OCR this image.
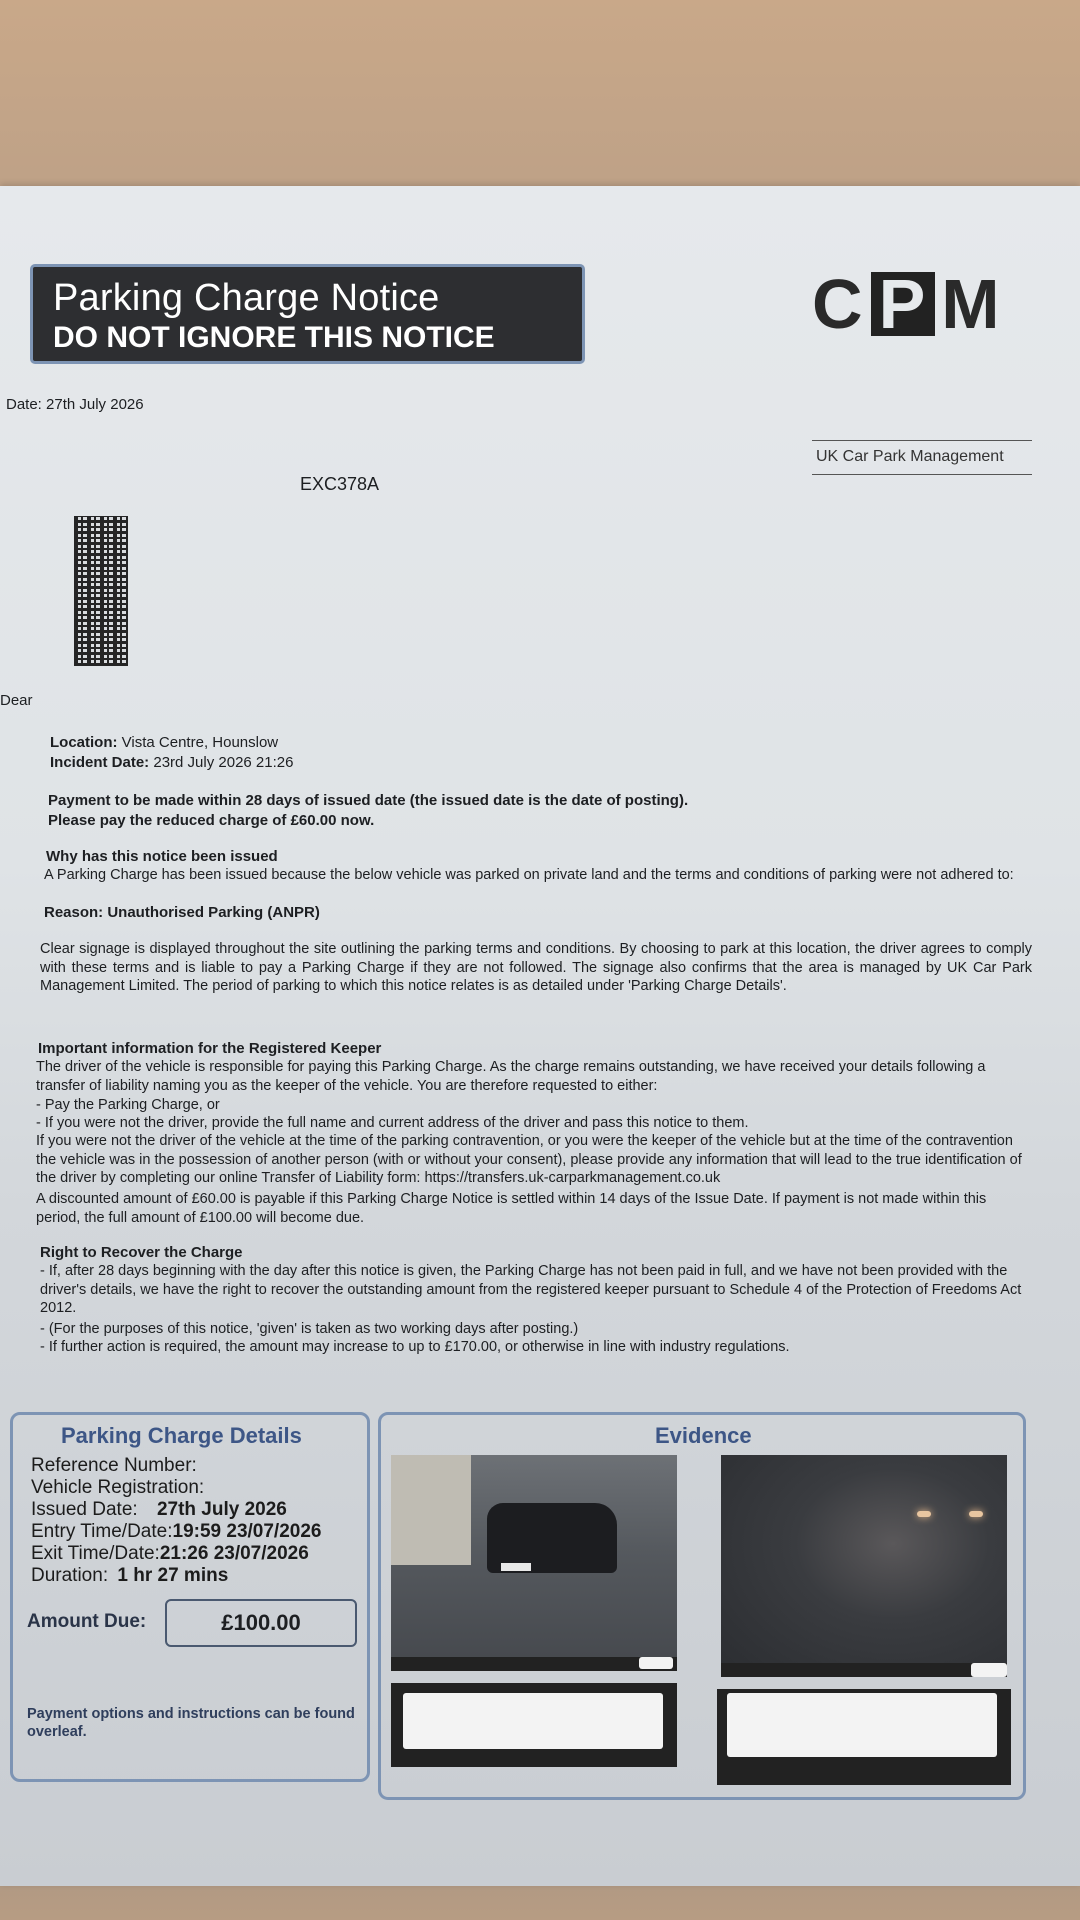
Parking Charge Notice
DO NOT IGNORE THIS NOTICE	C P M
UK Car Park Management
Date: 27th July 2026
EXC378A
Dear
Location: Vista Centre, Hounslow
Incident Date: 23rd July 2026 21:26
Payment to be made within 28 days of issued date (the issued date is the date of posting).
Please pay the reduced charge of £60.00 now.
Why has this notice been issued
A Parking Charge has been issued because the below vehicle was parked on private land and the terms and conditions of parking were not adhered to:
Reason: Unauthorised Parking (ANPR)
Clear signage is displayed throughout the site outlining the parking terms and conditions. By choosing to park at this location, the driver agrees to comply with these terms and is liable to pay a Parking Charge if they are not followed. The signage also confirms that the area is managed by UK Car Park Management Limited. The period of parking to which this notice relates is as detailed under 'Parking Charge Details'.
Important information for the Registered Keeper
The driver of the vehicle is responsible for paying this Parking Charge. As the charge remains outstanding, we have received your details following a transfer of liability naming you as the keeper of the vehicle. You are therefore requested to either:
- Pay the Parking Charge, or
- If you were not the driver, provide the full name and current address of the driver and pass this notice to them.
If you were not the driver of the vehicle at the time of the parking contravention, or you were the keeper of the vehicle but at the time of the contravention the vehicle was in the possession of another person (with or without your consent), please provide any information that will lead to the true identification of the driver by completing our online Transfer of Liability form: https://transfers.uk-carparkmanagement.co.uk
A discounted amount of £60.00 is payable if this Parking Charge Notice is settled within 14 days of the Issue Date. If payment is not made within this period, the full amount of £100.00 will become due.
Right to Recover the Charge
- If, after 28 days beginning with the day after this notice is given, the Parking Charge has not been paid in full, and we have not been provided with the driver's details, we have the right to recover the outstanding amount from the registered keeper pursuant to Schedule 4 of the Protection of Freedoms Act 2012.
- (For the purposes of this notice, 'given' is taken as two working days after posting.)
- If further action is required, the amount may increase to up to £170.00, or otherwise in line with industry regulations.
Parking Charge Details
Reference Number:
Vehicle Registration:
Issued Date: 27th July 2026
Entry Time/Date:19:59 23/07/2026
Exit Time/Date:21:26 23/07/2026
Duration: 1 hr 27 mins
Amount Due:	£100.00
Payment options and instructions can be found overleaf.
Evidence
